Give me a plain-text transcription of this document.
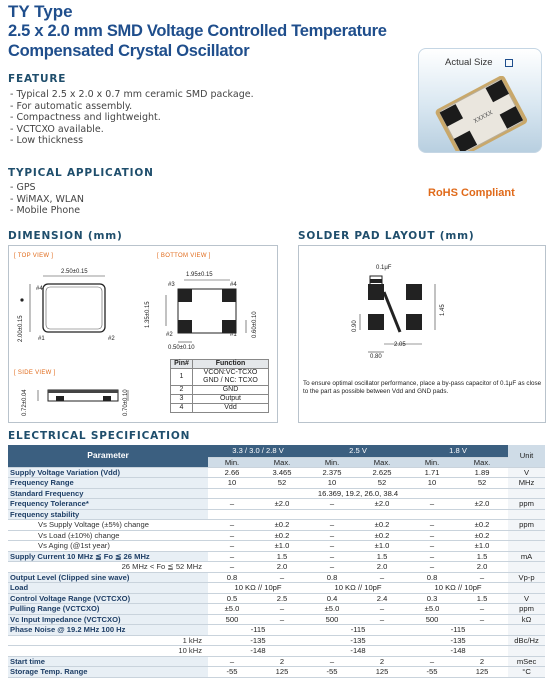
TY Type
2.5 x 2.0 mm SMD Voltage Controlled Temperature Compensated Crystal Oscillator
FEATURE
- Typical 2.5 x 2.0 x 0.7 mm ceramic SMD package.
- For automatic assembly.
- Compactness and lightweight.
- VCTCXO available.
- Low thickness
TYPICAL APPLICATION
- GPS
- WiMAX, WLAN
- Mobile Phone
Actual Size
XXXXX
RoHS Compliant
DIMENSION (mm)
[ TOP VIEW ]	[ BOTTOM VIEW ]
[ SIDE VIEW ]
2.50±0.15
2.00±0.15
#4
#1	#2
1.95±0.15
1.35±0.15	0.60±0.10
0.50±0.10
#3	#4
#2	#1
0.72±0.04	0.70±0.10
Pin#	Function
1	VCON:VC-TCXO
GND / NC: TCXO
2	GND
3	Output
4	Vdd
SOLDER PAD LAYOUT (mm)
0.1μF
1.45
0.90
2.05
0.80
To ensure optimal oscillator performance, place a by-pass capacitor of 0.1μF as close to the part as possible between Vdd and GND pads.
ELECTRICAL SPECIFICATION
Parameter	3.3 / 3.0 / 2.8 V		2.5 V		1.8 V		Unit
	Min.	Max.	Min.	Max.	Min.	Max.	
Supply Voltage Variation (Vdd)	2.66	3.465	2.375	2.625	1.71	1.89	V
Frequency Range	10	52	10	52	10	52	MHz
Standard Frequency	16.369, 19.2, 26.0, 38.4						
Frequency Tolerance*	–	±2.0	–	±2.0	–	±2.0	ppm
Frequency stability							
Vs Supply Voltage (±5%) change	–	±0.2	–	±0.2	–	±0.2	ppm
Vs Load (±10%) change	–	±0.2	–	±0.2	–	±0.2	
Vs Aging (@1st year)	–	±1.0	–	±1.0	–	±1.0	
Supply Current 10 MHz ≦ Fo ≦ 26 MHz	–	1.5	–	1.5	–	1.5	mA
26 MHz < Fo ≦ 52 MHz	–	2.0	–	2.0	–	2.0	
Output Level (Clipped sine wave)	0.8	–	0.8	–	0.8	–	Vp-p
Load	10 KΩ // 10pF		10 KΩ // 10pF		10 KΩ // 10pF		
Control Voltage Range (VCTCXO)	0.5	2.5	0.4	2.4	0.3	1.5	V
Pulling Range (VCTCXO)	±5.0	–	±5.0	–	±5.0	–	ppm
Vc Input Impedance (VCTCXO)	500	–	500	–	500	–	kΩ
Phase Noise @ 19.2 MHz 100 Hz	-115		-115		-115		
1 kHz	-135		-135		-135		dBc/Hz
10 kHz	-148		-148		-148		
Start time	–	2	–	2	–	2	mSec
Storage Temp. Range	-55	125	-55	125	-55	125	°C
